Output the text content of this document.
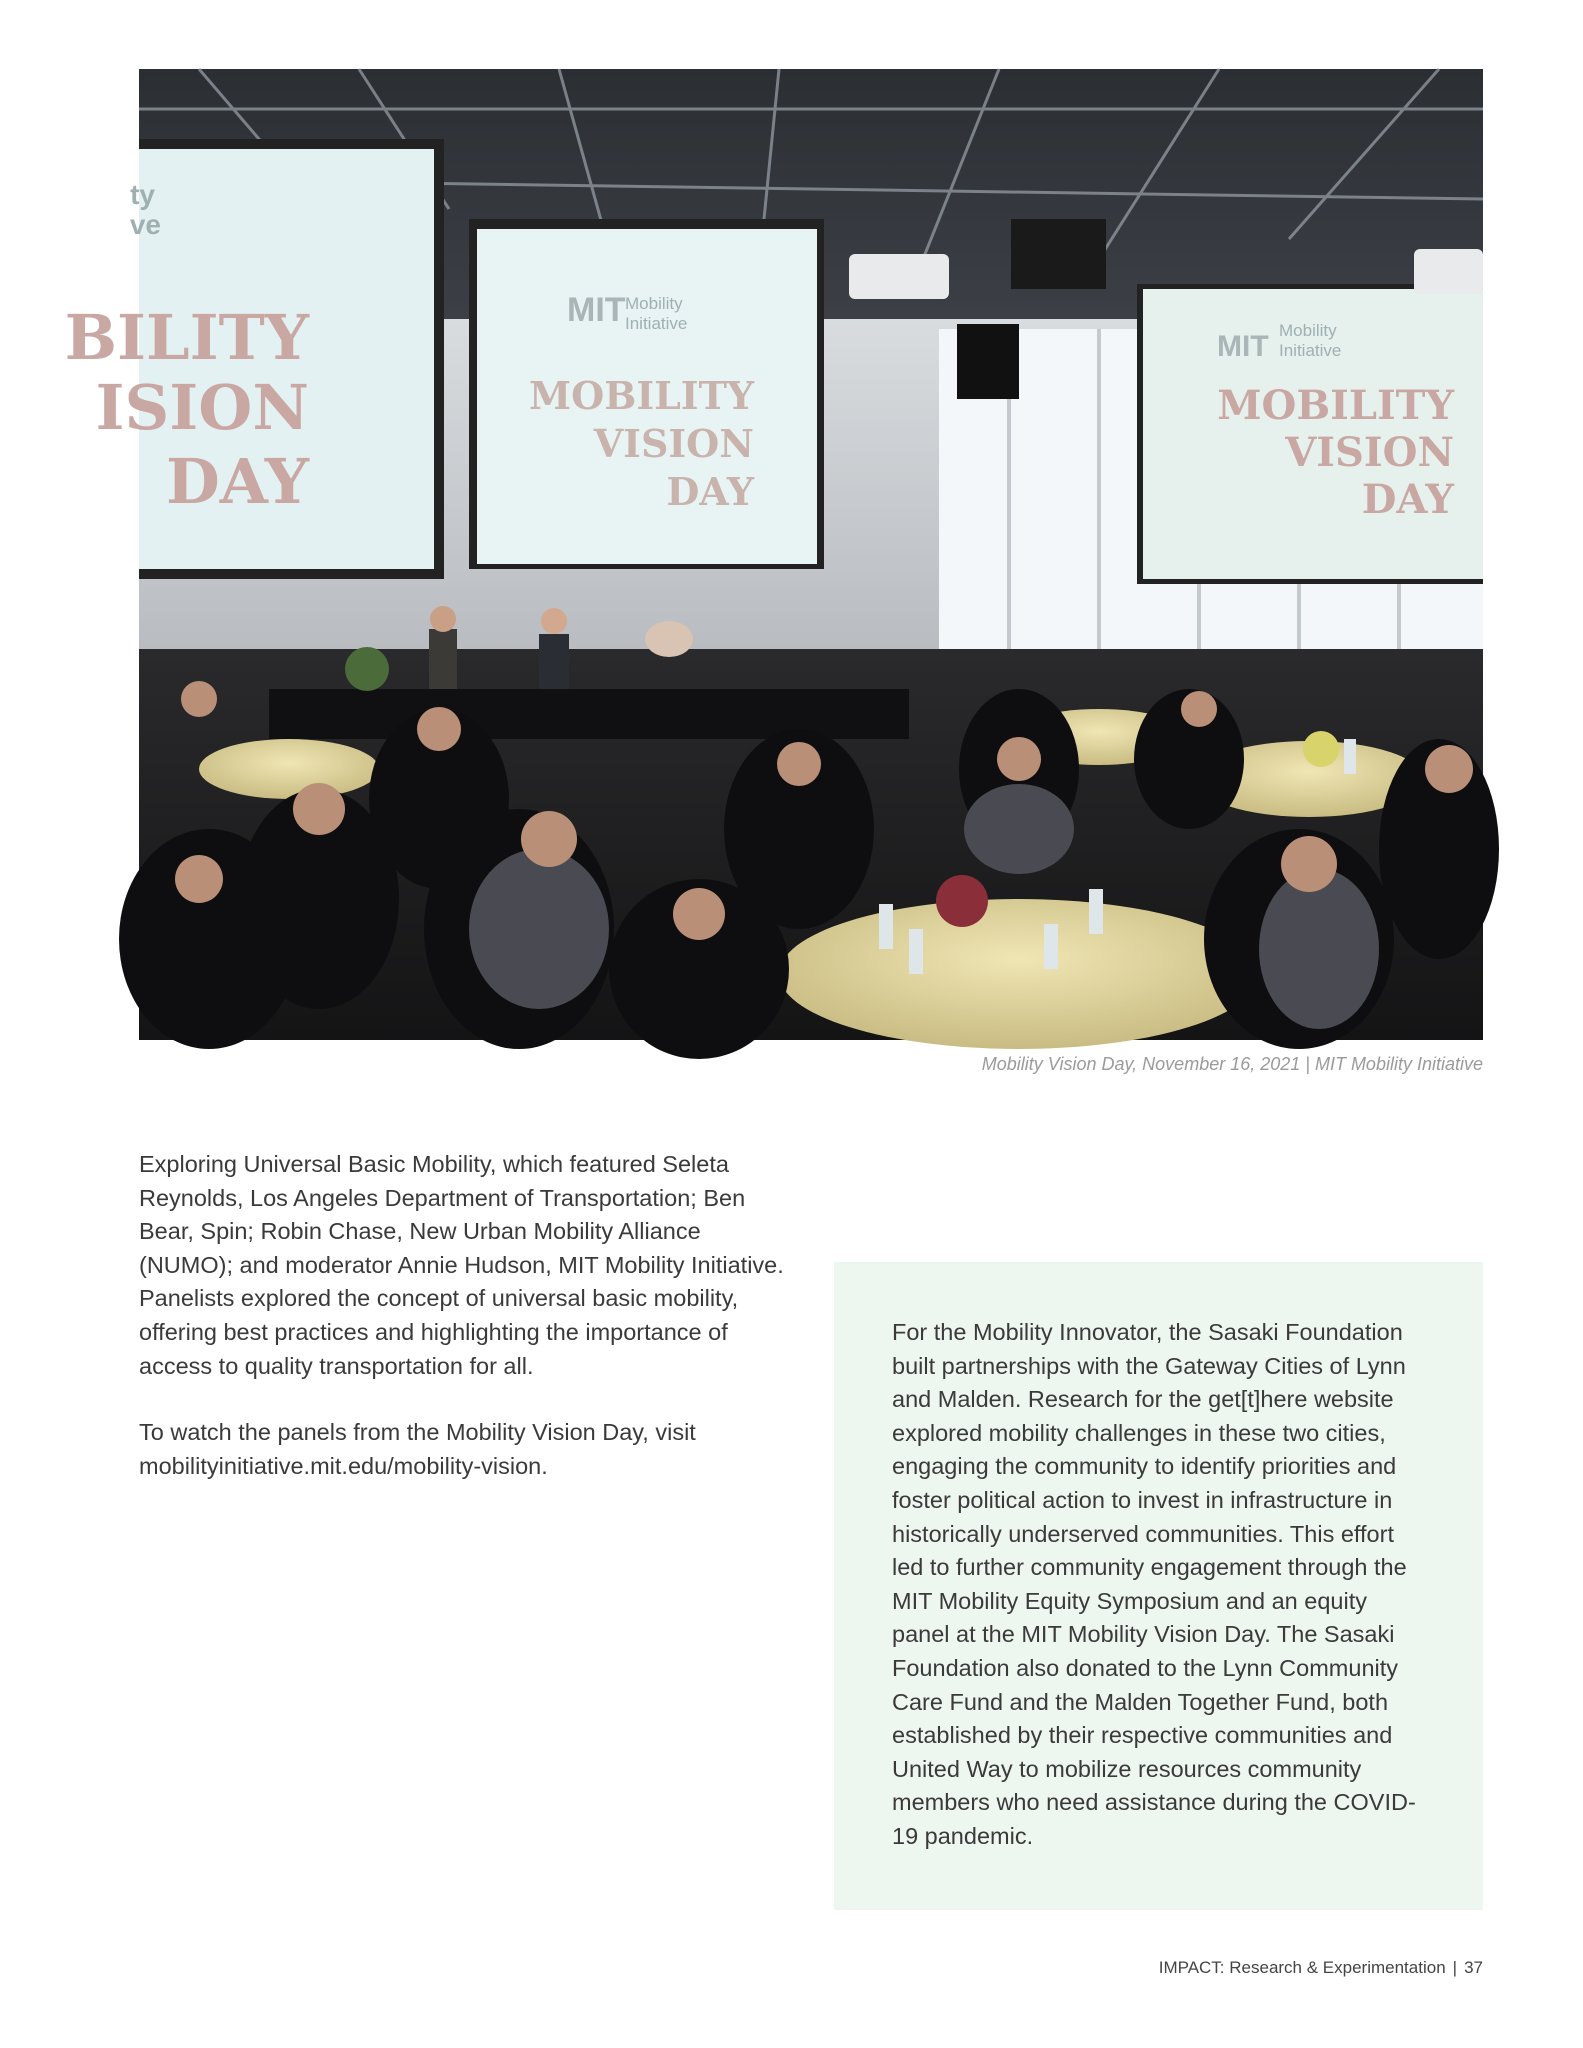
ty ve
BILITY
ISION
DAY
MIT Mobility
Initiative
MOBILITY
VISION
DAY
MIT Mobility
Initiative
MOBILITY
VISION
DAY
Mobility Vision Day, November 16, 2021 | MIT Mobility Initiative

Exploring Universal Basic Mobility, which featured Seleta Reynolds, Los Angeles Department of Transportation; Ben Bear, Spin; Robin Chase, New Urban Mobility Alliance (NUMO); and moderator Annie Hudson, MIT Mobility Initiative. Panelists explored the concept of universal basic mobility, offering best practices and highlighting the importance of access to quality transportation for all.

To watch the panels from the Mobility Vision Day, visit mobilityinitiative.mit.edu/mobility-vision.

For the Mobility Innovator, the Sasaki Foundation built partnerships with the Gateway Cities of Lynn and Malden. Research for the get[t]here website explored mobility challenges in these two cities, engaging the community to identify priorities and foster political action to invest in infrastructure in historically underserved communities. This effort led to further community engagement through the MIT Mobility Equity Symposium and an equity panel at the MIT Mobility Vision Day. The Sasaki Foundation also donated to the Lynn Community Care Fund and the Malden Together Fund, both established by their respective communities and United Way to mobilize resources community members who need assistance during the COVID-19 pandemic.

IMPACT: Research & Experimentation | 37
